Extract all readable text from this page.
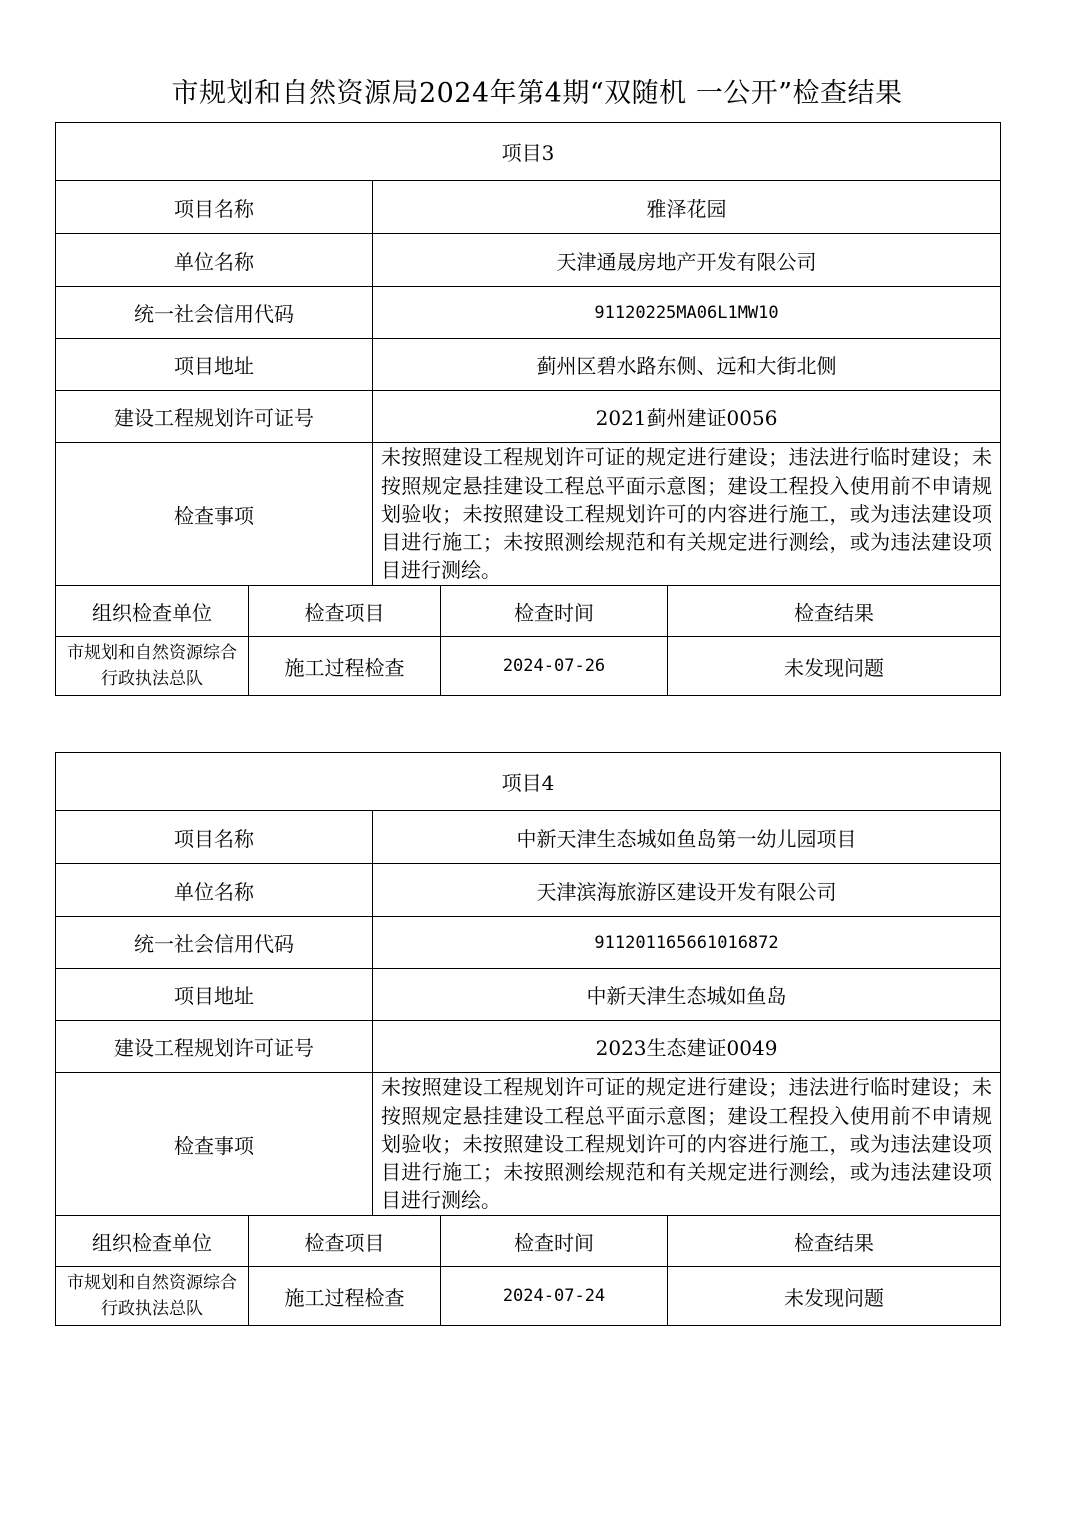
市规划和自然资源局2024年第4期“双随机 一公开”检查结果
项目3				
项目名称		雅泽花园		
单位名称		天津通晟房地产开发有限公司		
统一社会信用代码		91120225MA06L1MW10		
项目地址		蓟州区碧水路东侧、远和大街北侧		
建设工程规划许可证号		2021蓟州建证0056		
检查事项		未按照建设工程规划许可证的规定进行建设；违法进行临时建设；未按照规定悬挂建设工程总平面示意图；建设工程投入使用前不申请规划验收；未按照建设工程规划许可的内容进行施工，或为违法建设项目进行施工；未按照测绘规范和有关规定进行测绘，或为违法建设项目进行测绘。		
组织检查单位	检查项目		检查时间	检查结果
市规划和自然资源综合行政执法总队	施工过程检查		2024-07-26	未发现问题
项目4				
项目名称		中新天津生态城如鱼岛第一幼儿园项目		
单位名称		天津滨海旅游区建设开发有限公司		
统一社会信用代码		911201165661016872		
项目地址		中新天津生态城如鱼岛		
建设工程规划许可证号		2023生态建证0049		
检查事项		未按照建设工程规划许可证的规定进行建设；违法进行临时建设；未按照规定悬挂建设工程总平面示意图；建设工程投入使用前不申请规划验收；未按照建设工程规划许可的内容进行施工，或为违法建设项目进行施工；未按照测绘规范和有关规定进行测绘，或为违法建设项目进行测绘。		
组织检查单位	检查项目		检查时间	检查结果
市规划和自然资源综合行政执法总队	施工过程检查		2024-07-24	未发现问题
